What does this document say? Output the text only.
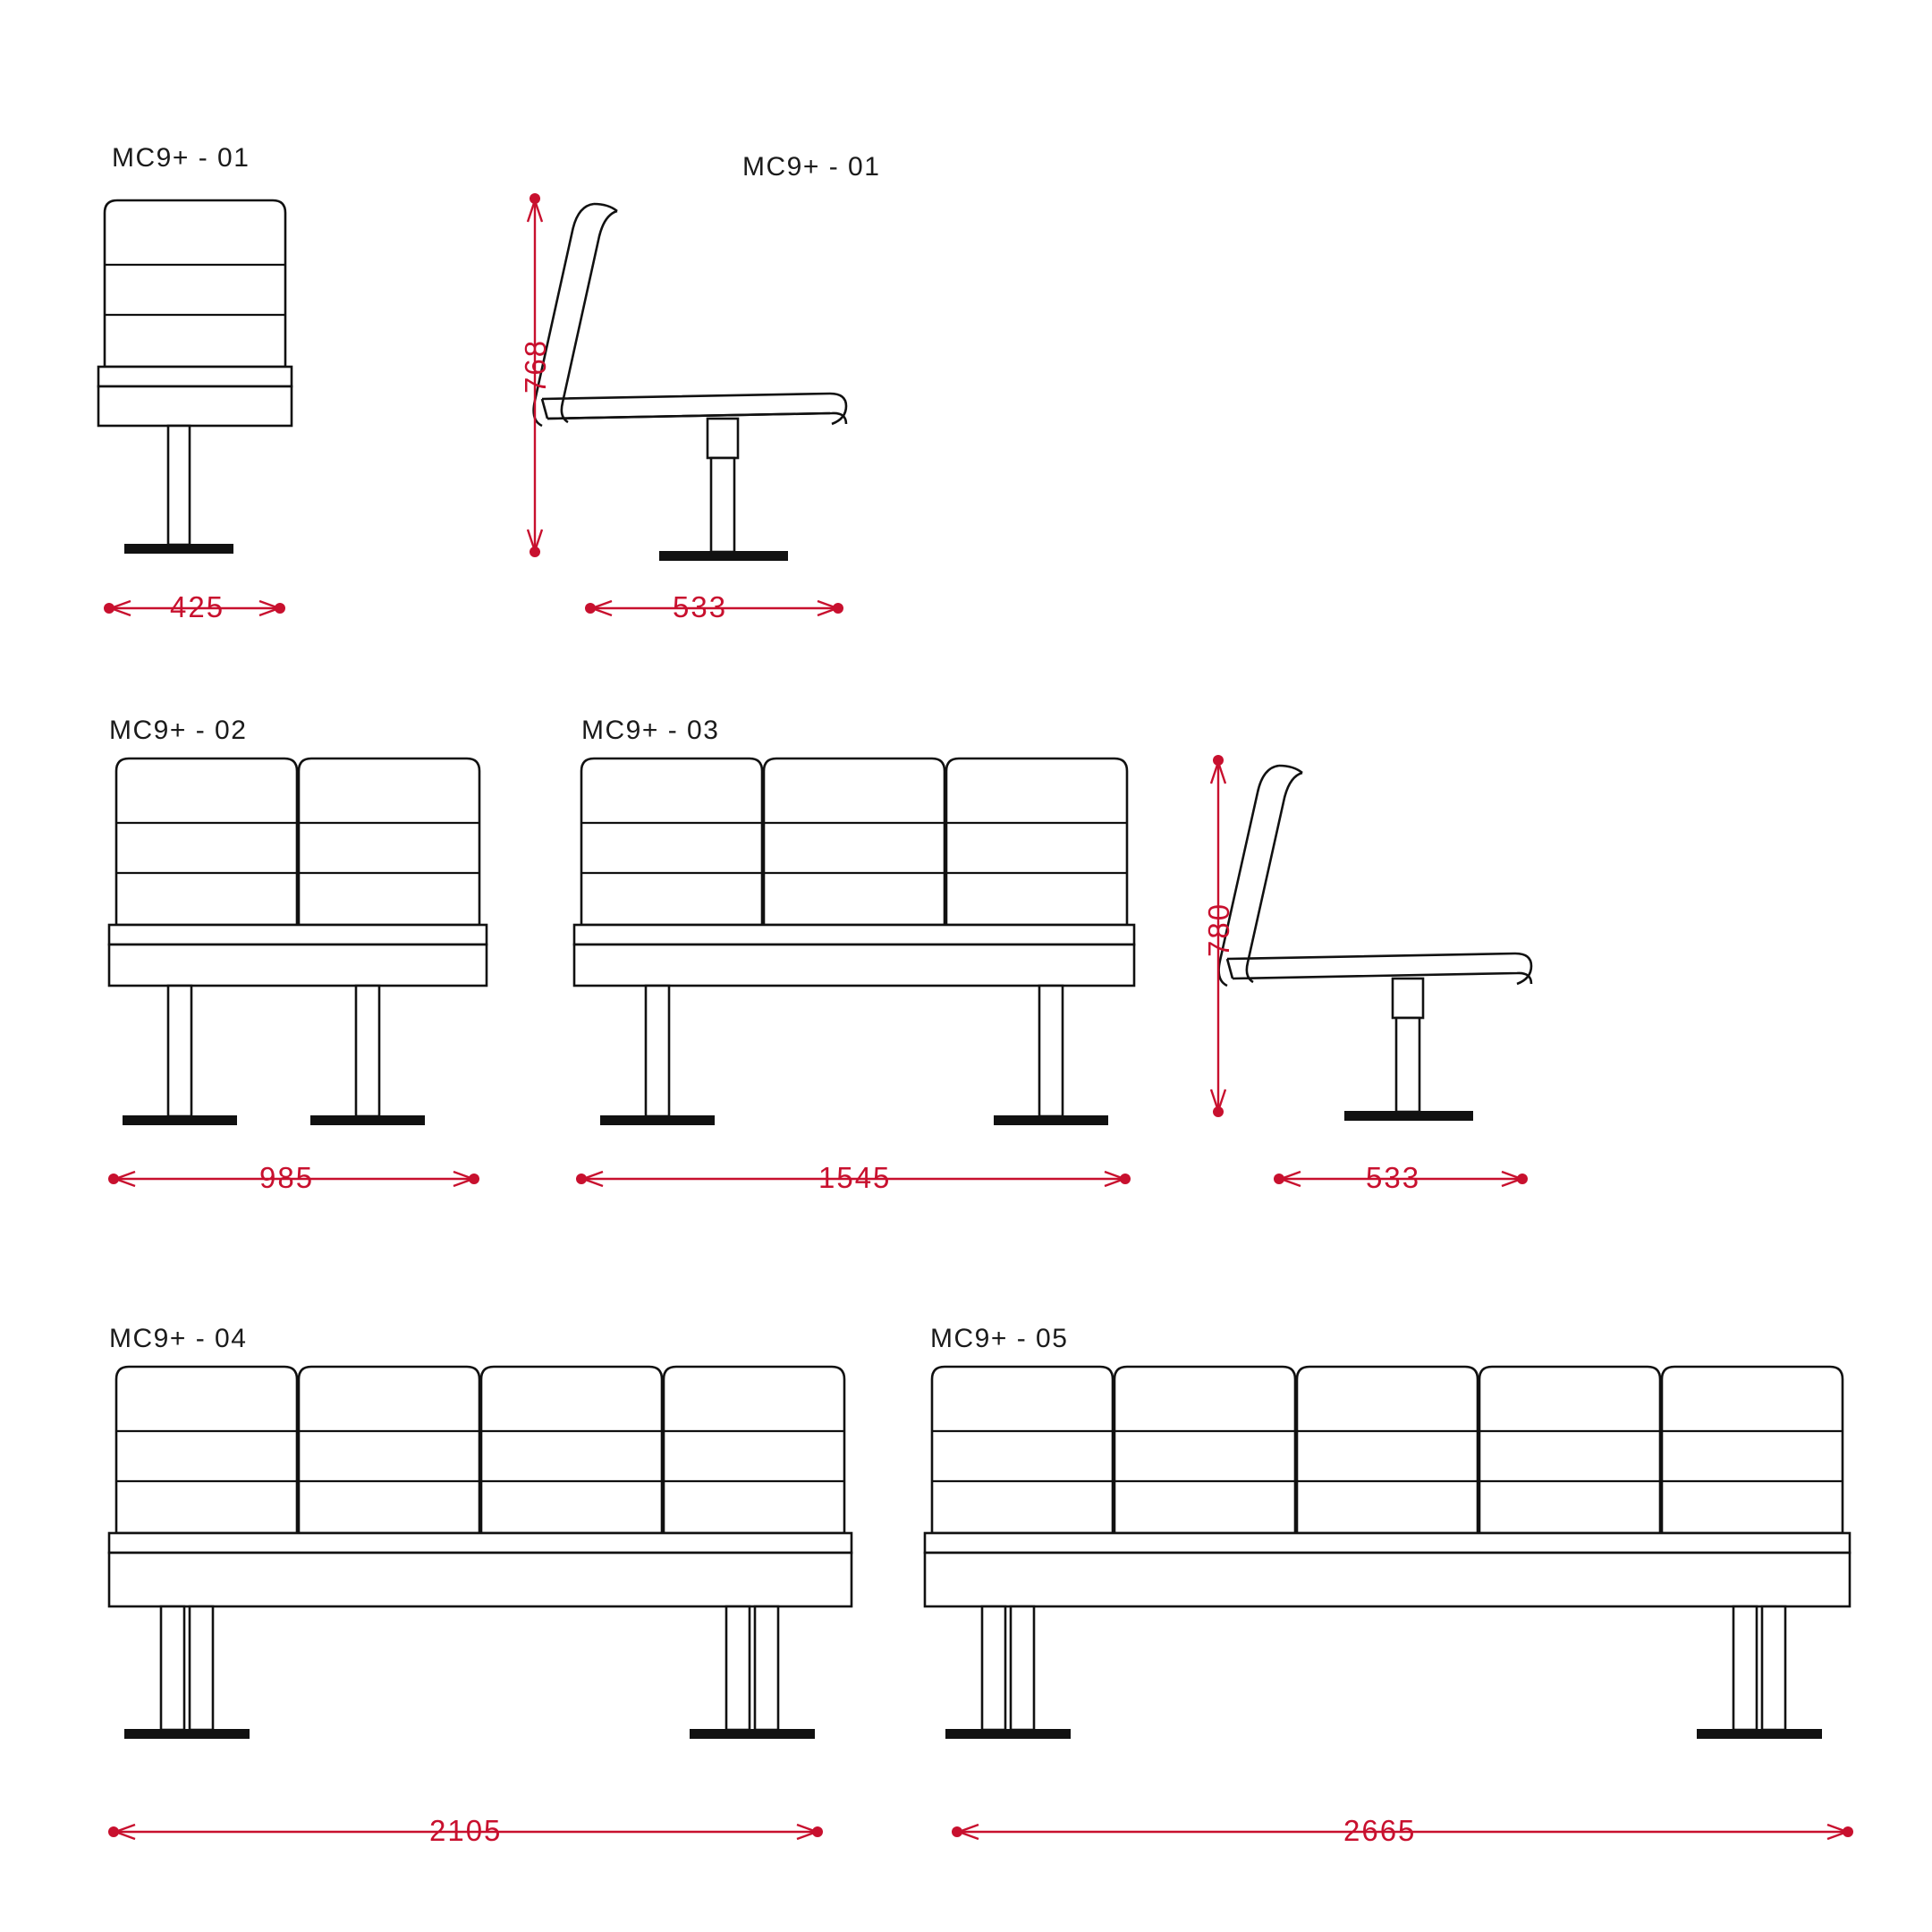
MC9+ - 01	MC9+ - 01
MC9+ - 02	MC9+ - 03
MC9+ - 04	MC9+ - 05
425	533
768
985	1545
780
533
2105	2665
